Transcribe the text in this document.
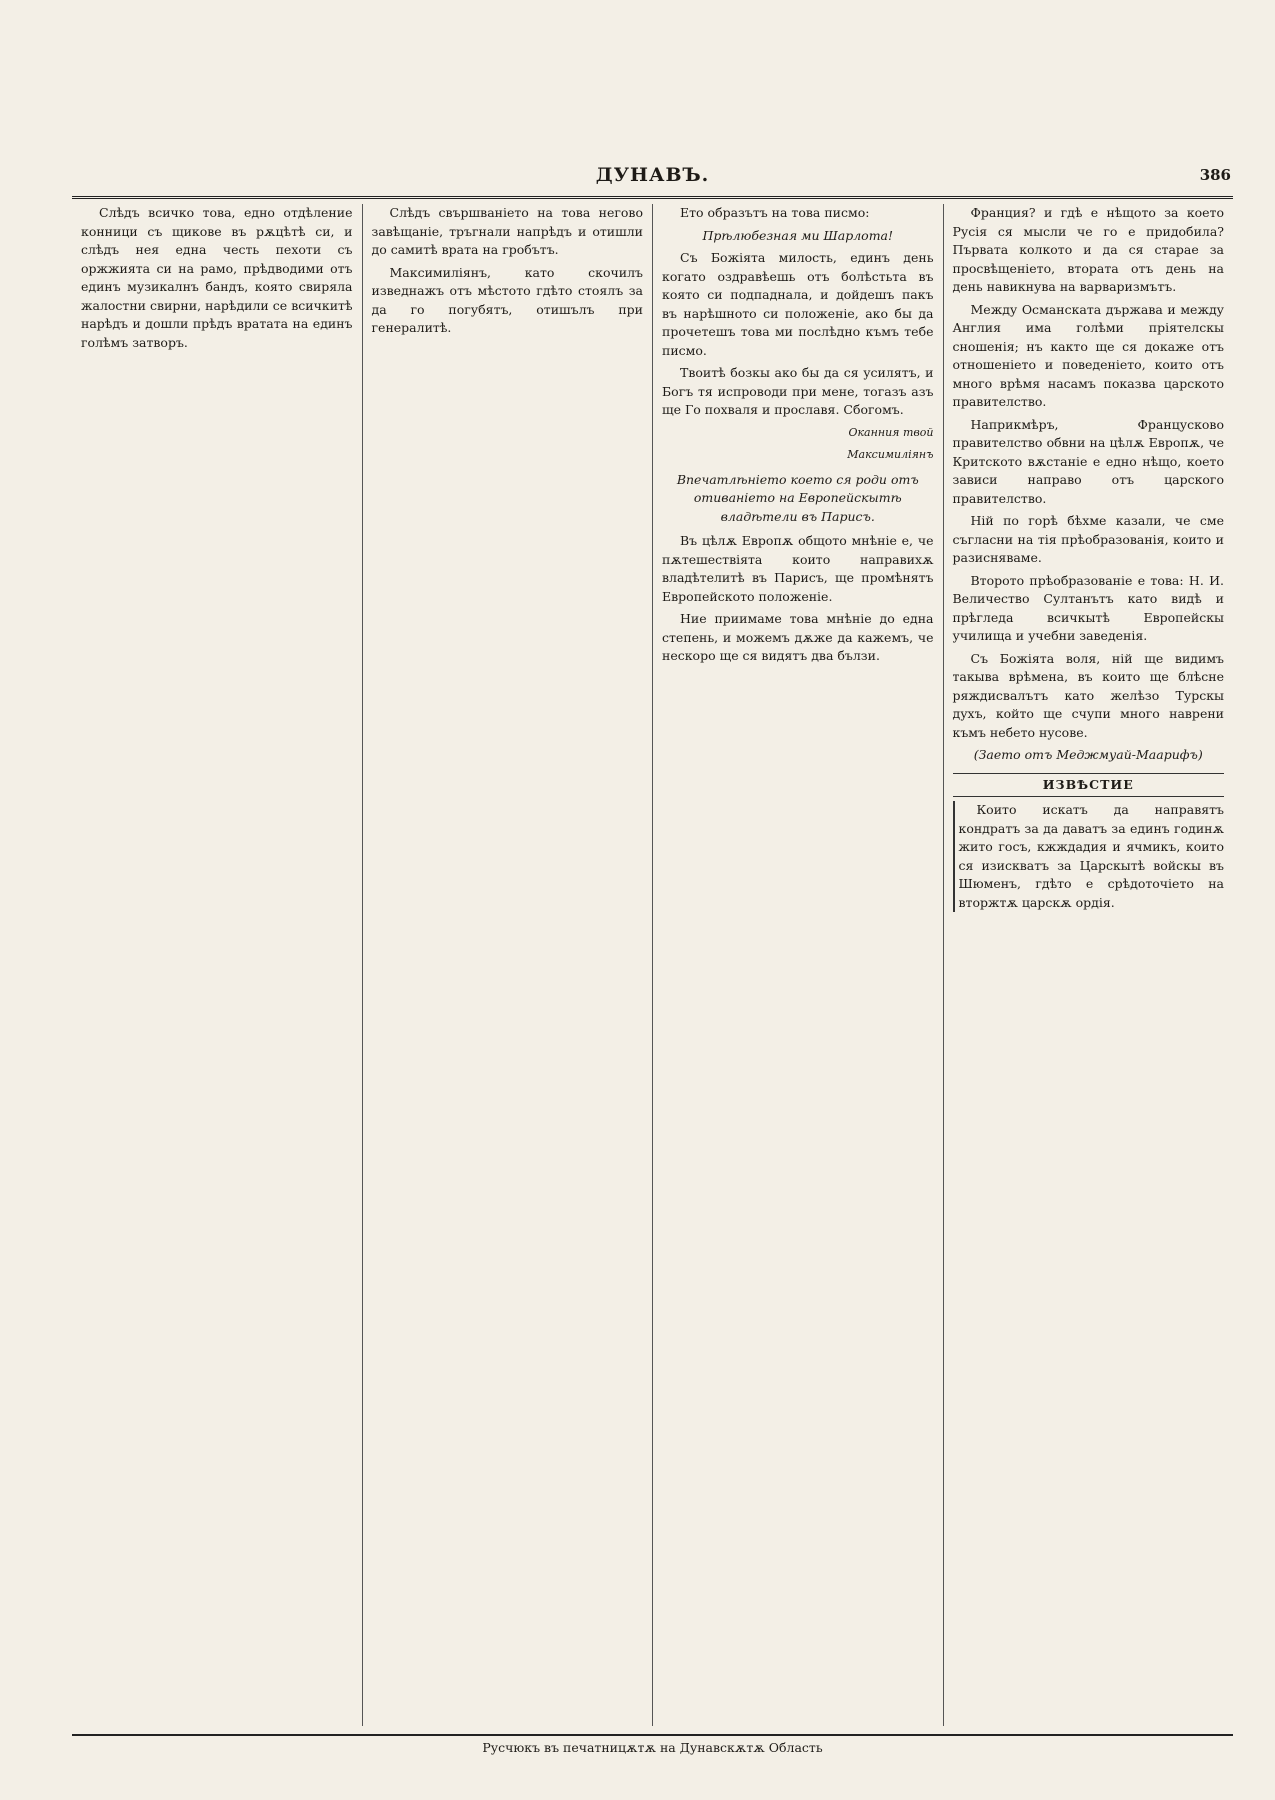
ДУНАВЪ.	386

Слѣдъ всичко това, едно отдѣление конници съ щикове въ рѫцѣтѣ си, и слѣдъ нея една честь пехоти съ оржжията си на рамо, прѣдводими отъ единъ музикалнъ бандъ, която свиряла жалостни свирни, нарѣдили се всичкитѣ нарѣдъ и дошли прѣдъ вратата на единъ голѣмъ затворъ.

Слѣдъ свършванiето на това негово завѣщанiе, тръгнали напрѣдъ и отишли до самитѣ врата на гробътъ.

Максимилiянъ, като скочилъ изведнажъ отъ мѣстото гдѣто стоялъ за да го погубятъ, отишълъ при генералитѣ.

Ето образътъ на това писмо:

Прѣлюбезная ми Шарлота!

Съ Божiята милость, единъ день когато оздравѣешь отъ болѣстьта въ която си подпаднала, и дойдешъ пакъ въ нарѣшното си положенiе, ако бы да прочетешъ това ми послѣдно къмъ тебе писмо.

Твоитѣ бозкы ако бы да ся усилятъ, и Богъ тя испроводи при мене, тогазъ азъ ще Го похваля и прославя. Сбогомъ.

Оканния твой

Максимилiянъ

Впечатлѣнiето което ся роди отъ отиванiето на Европейскытѣ владѣтели въ Парисъ.

Въ цѣлѫ Европѫ общото мнѣнiе е, че пѫтешествiята които направихѫ владѣтелитѣ въ Парисъ, ще промѣнятъ Европейското положенiе.

Ние приимаме това мнѣнiе до една степень, и можемъ дѫже да кажемъ, че нескоро ще ся видятъ два бълзи.

Франция? и гдѣ е нѣщото за което Русiя ся мысли че го е придобила? Първата колкото и да ся старае за просвѣщенiето, втората отъ день на день навикнува на варваризмътъ.

Между Османската държава и между Англия има голѣми прiятелскы сношенiя; нъ както ще ся докаже отъ отношенiето и поведенiето, които отъ много врѣмя насамъ показва царското правителство.

Наприкмѣръ, Францусково правителство обвни на цѣлѫ Европѫ, че Критското вѫстанiе е едно нѣщо, което зависи направо отъ царского правителство.

Нiй по горѣ бѣхме казали, че сме съгласни на тiя прѣобразованiя, които и разисняваме.

Второто прѣобразованiе е това: Н. И. Величество Султанътъ като видѣ и прѣгледа всичкытѣ Европейскы училища и учебни заведенiя.

Съ Божiята воля, нiй ще видимъ такыва врѣмена, въ които ще блѣсне ряждисвалътъ като желѣзо Турскы духъ, който ще счупи много наврени къмъ небето нусове.

(Заето отъ Меджмуай-Маарифъ)

ИЗВѢСТИЕ

Които искатъ да направятъ кондратъ за да даватъ за единъ годинѫ жито госъ, кжждадия и ячмикъ, които ся изискватъ за Царскытѣ войскы въ Шюменъ, гдѣто е срѣдоточiето на вторжтѫ царскѫ ордiя.

Русчюкъ въ печатницѫтѫ на Дунавскѫтѫ Область
